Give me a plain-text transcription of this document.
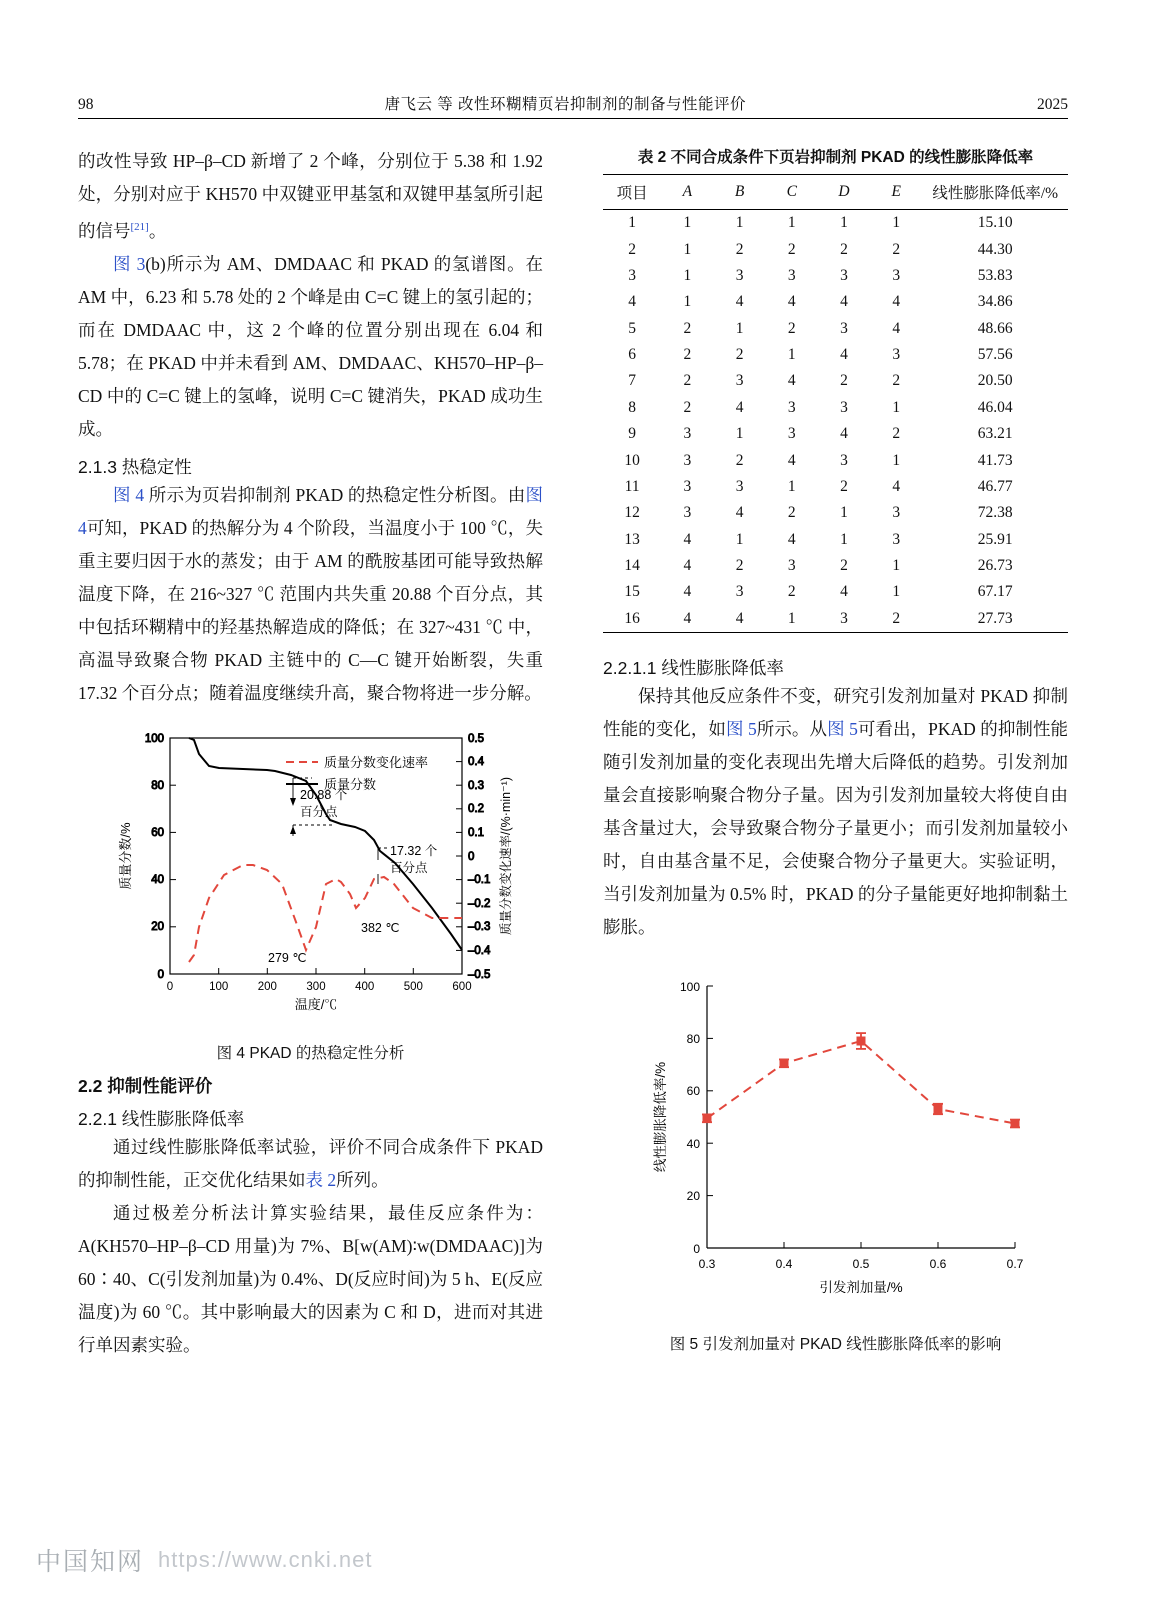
98	唐飞云 等 改性环糊精页岩抑制剂的制备与性能评价	2025

的改性导致 HP–β–CD 新增了 2 个峰，分别位于 5.38 和 1.92 处，分别对应于 KH570 中双键亚甲基氢和双键甲基氢所引起的信号[21]。

图 3(b)所示为 AM、DMDAAC 和 PKAD 的氢谱图。在 AM 中，6.23 和 5.78 处的 2 个峰是由 C=C 键上的氢引起的；而在 DMDAAC 中，这 2 个峰的位置分别出现在 6.04 和 5.78；在 PKAD 中并未看到 AM、DMDAAC、KH570–HP–β–CD 中的 C=C 键上的氢峰，说明 C=C 键消失，PKAD 成功生成。

2.1.3 热稳定性

图 4 所示为页岩抑制剂 PKAD 的热稳定性分析图。由图 4可知，PKAD 的热解分为 4 个阶段，当温度小于 100 ℃，失重主要归因于水的蒸发；由于 AM 的酰胺基团可能导致热解温度下降，在 216~327 ℃ 范围内共失重 20.88 个百分点，其中包括环糊精中的羟基热解造成的降低；在 327~431 ℃ 中，高温导致聚合物 PKAD 主链中的 C—C 键开始断裂，失重 17.32 个百分点；随着温度继续升高，聚合物将进一步分解。

100
80
60
40
20
0
0.5
0.4
0.3
0.2
0.1
0
–0.1
–0.2
–0.3
–0.4
–0.5
0	100	200	300	400	500	600
温度/℃
质量分数/%	质量分数变化速率/(%·min⁻¹)
质量分数变化速率
质量分数
20.88 个
百分点
17.32 个
百分点
279 ℃
382 ℃
图 4 PKAD 的热稳定性分析
2.2 抑制性能评价
2.2.1 线性膨胀降低率

通过线性膨胀降低率试验，评价不同合成条件下 PKAD 的抑制性能，正交优化结果如表 2所列。

通过极差分析法计算实验结果，最佳反应条件为：A(KH570–HP–β–CD 用量)为 7%、B[w(AM)∶w(DMDAAC)]为 60∶40、C(引发剂加量)为 0.4%、D(反应时间)为 5 h、E(反应温度)为 60 ℃。其中影响最大的因素为 C 和 D，进而对其进行单因素实验。

表 2 不同合成条件下页岩抑制剂 PKAD 的线性膨胀降低率
项目	A	B	C	D	E	线性膨胀降低率/%
1	1	1	1	1	1	15.10
2	1	2	2	2	2	44.30
3	1	3	3	3	3	53.83
4	1	4	4	4	4	34.86
5	2	1	2	3	4	48.66
6	2	2	1	4	3	57.56
7	2	3	4	2	2	20.50
8	2	4	3	3	1	46.04
9	3	1	3	4	2	63.21
10	3	2	4	3	1	41.73
11	3	3	1	2	4	46.77
12	3	4	2	1	3	72.38
13	4	1	4	1	3	25.91
14	4	2	3	2	1	26.73
15	4	3	2	4	1	67.17
16	4	4	1	3	2	27.73
2.2.1.1 线性膨胀降低率

保持其他反应条件不变，研究引发剂加量对 PKAD 抑制性能的变化，如图 5所示。从图 5可看出，PKAD 的抑制性能随引发剂加量的变化表现出先增大后降低的趋势。引发剂加量会直接影响聚合物分子量。因为引发剂加量较大将使自由基含量过大，会导致聚合物分子量更小；而引发剂加量较小时，自由基含量不足，会使聚合物分子量更大。实验证明，当引发剂加量为 0.5% 时，PKAD 的分子量能更好地抑制黏土膨胀。

100
80
60
40
20
0
0.3	0.4	0.5	0.6	0.7
引发剂加量/%
线性膨胀降低率/%
图 5 引发剂加量对 PKAD 线性膨胀降低率的影响
中国知网 https://www.cnki.net
